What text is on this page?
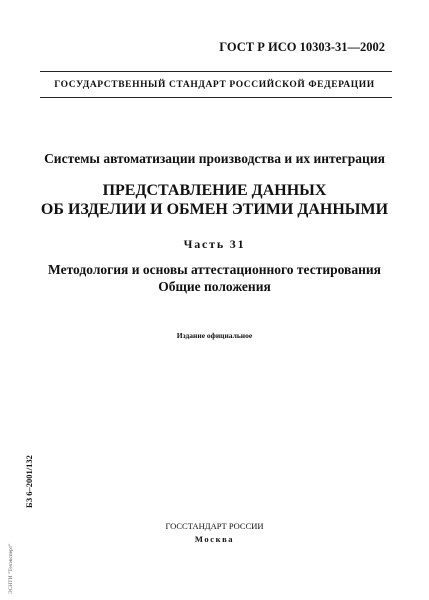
ГОСТ Р ИСО 10303-31—2002
ГОСУДАРСТВЕННЫЙ СТАНДАРТ РОССИЙСКОЙ ФЕДЕРАЦИИ
Системы автоматизации производства и их интеграция
ПРЕДСТАВЛЕНИЕ ДАННЫХ
ОБ ИЗДЕЛИИ И ОБМЕН ЭТИМИ ДАННЫМИ
Часть 31
Методология и основы аттестационного тестирования
Общие положения
Издание официальное
БЗ 6–2001/132
ЭСНТИ "Техэксперт"
ГОССТАНДАРТ РОССИИ
Москва
